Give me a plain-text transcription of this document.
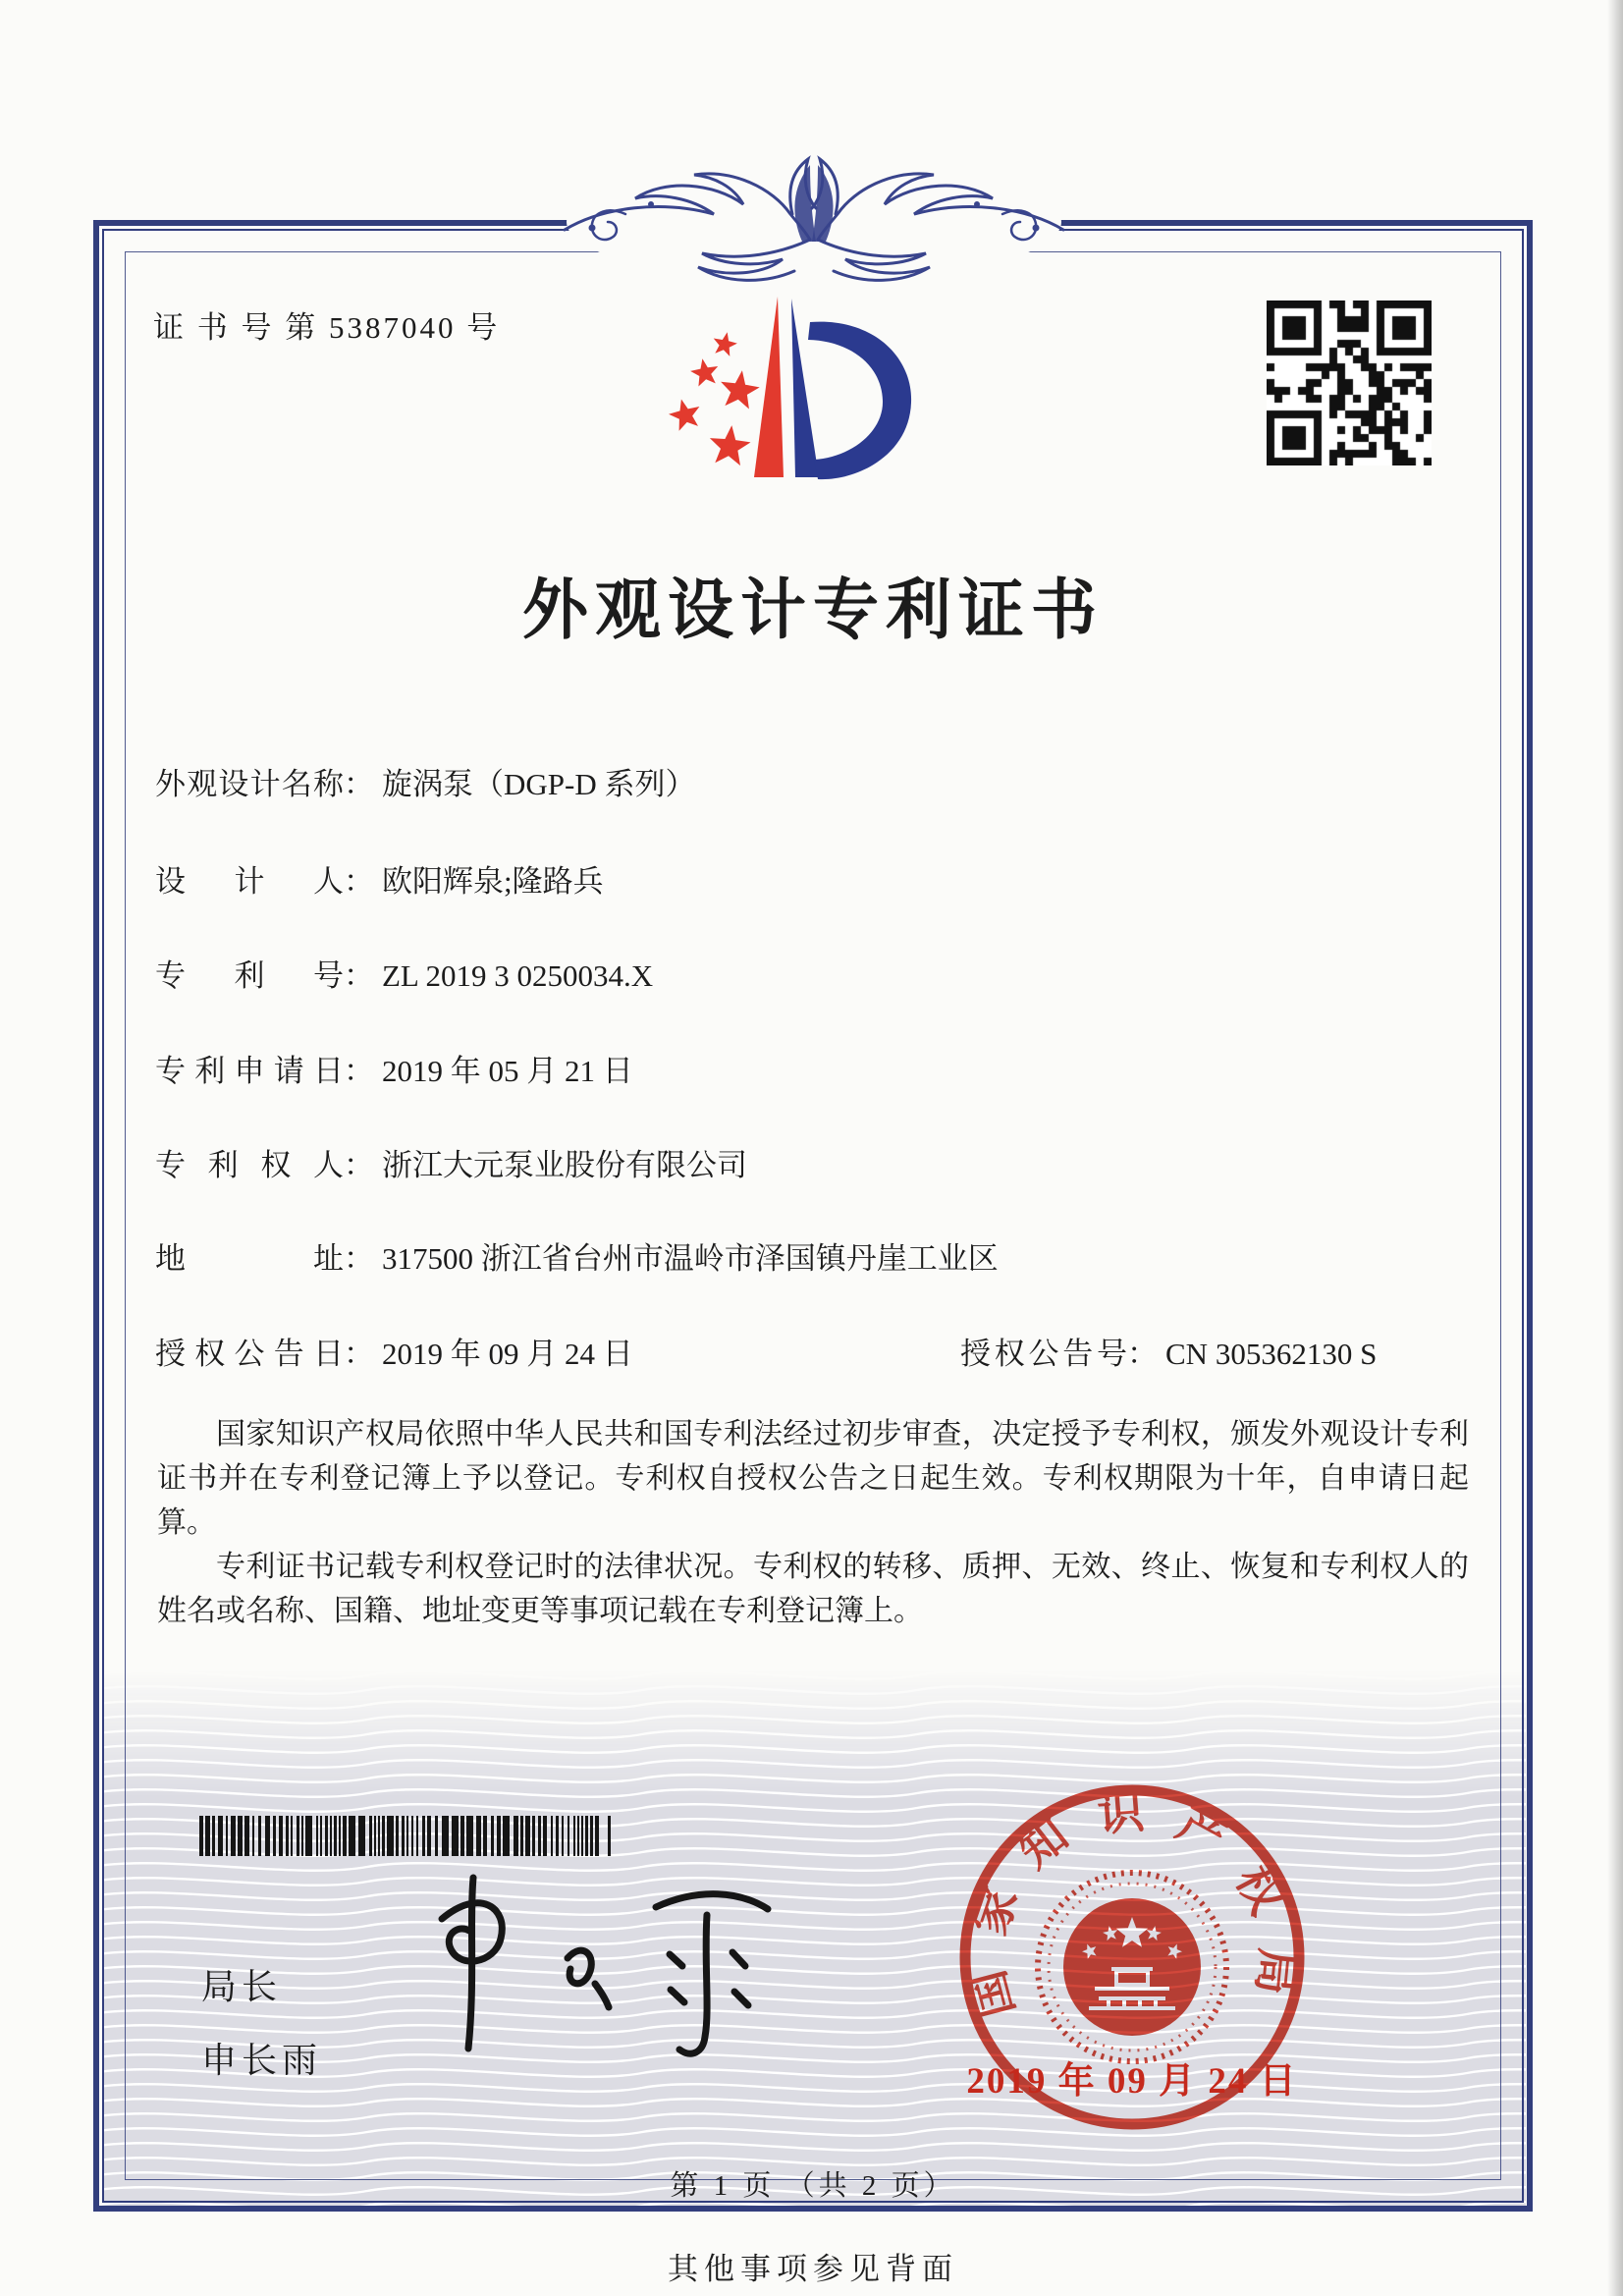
证 书 号 第 5387040 号
外观设计专利证书
外观设计名称： 旋涡泵（DGP-D 系列）
设计人： 欧阳辉泉;隆路兵
专利号： ZL 2019 3 0250034.X
专利申请日： 2019 年 05 月 21 日
专利权人： 浙江大元泵业股份有限公司
地址： 317500 浙江省台州市温岭市泽国镇丹崖工业区
授权公告日： 2019 年 09 月 24 日	授权公告号： CN 305362130 S

国家知识产权局依照中华人民共和国专利法经过初步审查，决定授予专利权，颁发外观设计专利证书并在专利登记簿上予以登记。专利权自授权公告之日起生效。专利权期限为十年，自申请日起算。

专利证书记载专利权登记时的法律状况。专利权的转移、质押、无效、终止、恢复和专利权人的姓名或名称、国籍、地址变更等事项记载在专利登记簿上。

局长
申长雨
国家知识产权局
2019 年 09 月 24 日
第 1 页 （共 2 页）
其他事项参见背面
